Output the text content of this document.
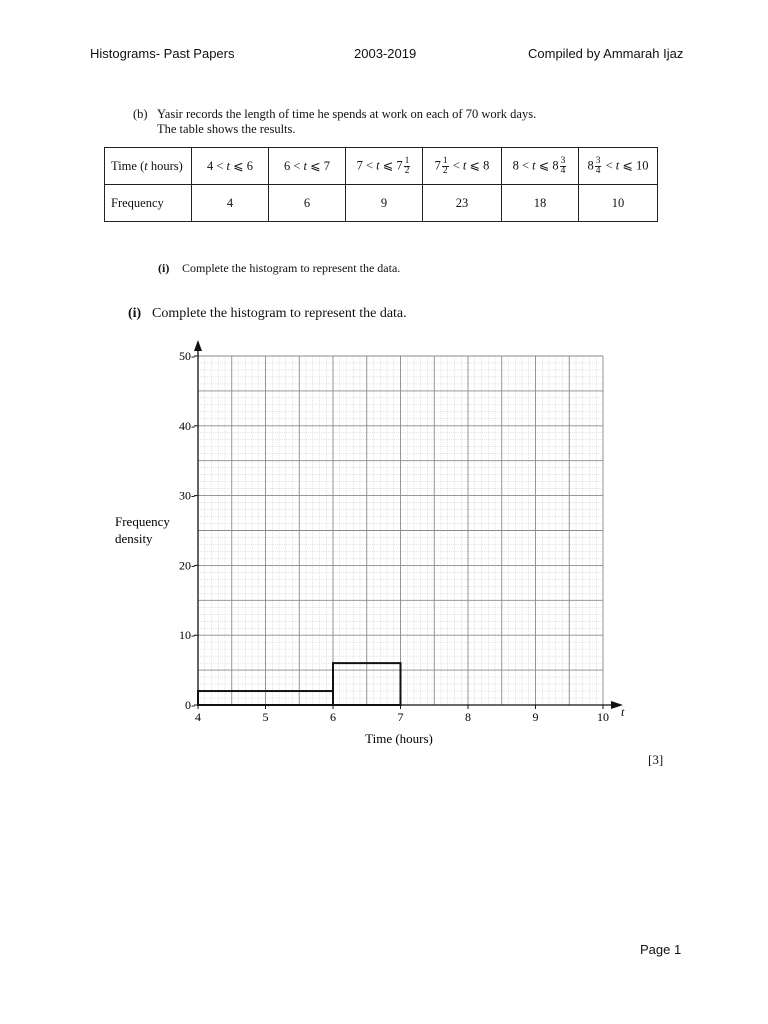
Histograms- Past Papers	2003-2019	Compiled by Ammarah Ijaz
(b) Yasir records the length of time he spends at work on each of 70 work days.
The table shows the results.
Time (t hours)	4 < t ⩽ 6	6 < t ⩽ 7	7 < t ⩽ $7 \frac{1}{2}$	$7 \frac{1}{2} < t$ ⩽ 8	8 < t ⩽ $8 \frac{3}{4}$	$8 \frac{3}{4} < t$ ⩽ 10
Frequency	4	6	9	23	18	10
(i) Complete the histogram to represent the data.
(i) Complete the histogram to represent the data.
4	5	6	7	8	9	10
0-
10-
20-
30-
40-
50-
Frequency
density
Time (hours)
t
[3]
Page 1
